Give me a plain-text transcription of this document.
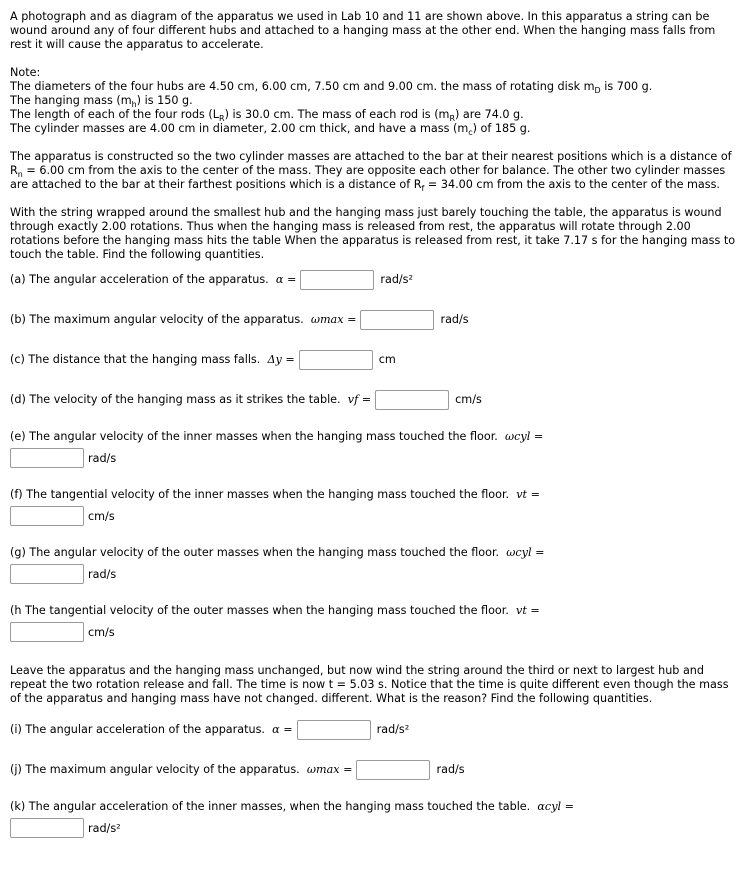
A photograph and as diagram of the apparatus we used in Lab 10 and 11 are shown above. In this apparatus a string can be wound around any of four different hubs and attached to a hanging mass at the other end. When the hanging mass falls from rest it will cause the apparatus to accelerate.

Note:

The diameters of the four hubs are 4.50 cm, 6.00 cm, 7.50 cm and 9.00 cm. the mass of rotating disk $m_D$ is 700 g.

The hanging mass $(m_h)$ is 150 g.

The length of each of the four rods $(L_R)$ is 30.0 cm. The mass of each rod is $(m_R)$ are 74.0 g.

The cylinder masses are 4.00 cm in diameter, 2.00 cm thick, and have a mass $(m_c)$ of 185 g.

The apparatus is constructed so the two cylinder masses are attached to the bar at their nearest positions which is a distance of $R_n = 6.00$ cm from the axis to the center of the mass. They are opposite each other for balance. The other two cylinder masses are attached to the bar at their farthest positions which is a distance of $R_f = 34.00$ cm from the axis to the center of the mass.

With the string wrapped around the smallest hub and the hanging mass just barely touching the table, the apparatus is wound through exactly 2.00 rotations. Thus when the hanging mass is released from rest, the apparatus will rotate through 2.00 rotations before the hanging mass hits the table When the apparatus is released from rest, it take 7.17 s for the hanging mass to touch the table. Find the following quantities.

(a) The angular acceleration of the apparatus.
α =	rad/s²
(b) The maximum angular velocity of the apparatus.
ωmax =	rad/s
(c) The distance that the hanging mass falls.
Δy =	cm
(d) The velocity of the hanging mass as it strikes the table.
vf =	cm/s
(e) The angular velocity of the inner masses when the hanging mass touched the floor.
ωcyl =
rad/s
(f) The tangential velocity of the inner masses when the hanging mass touched the floor.
vt =
cm/s
(g) The angular velocity of the outer masses when the hanging mass touched the floor.
ωcyl =
rad/s
(h The tangential velocity of the outer masses when the hanging mass touched the floor.
vt =
cm/s

Leave the apparatus and the hanging mass unchanged, but now wind the string around the third or next to largest hub and repeat the two rotation release and fall. The time is now t = 5.03 s. Notice that the time is quite different even though the mass of the apparatus and hanging mass have not changed. different. What is the reason? Find the following quantities.

(i) The angular acceleration of the apparatus.
α =	rad/s²
(j) The maximum angular velocity of the apparatus.
ωmax =	rad/s
(k) The angular acceleration of the inner masses, when the hanging mass touched the table.
αcyl =
rad/s²
